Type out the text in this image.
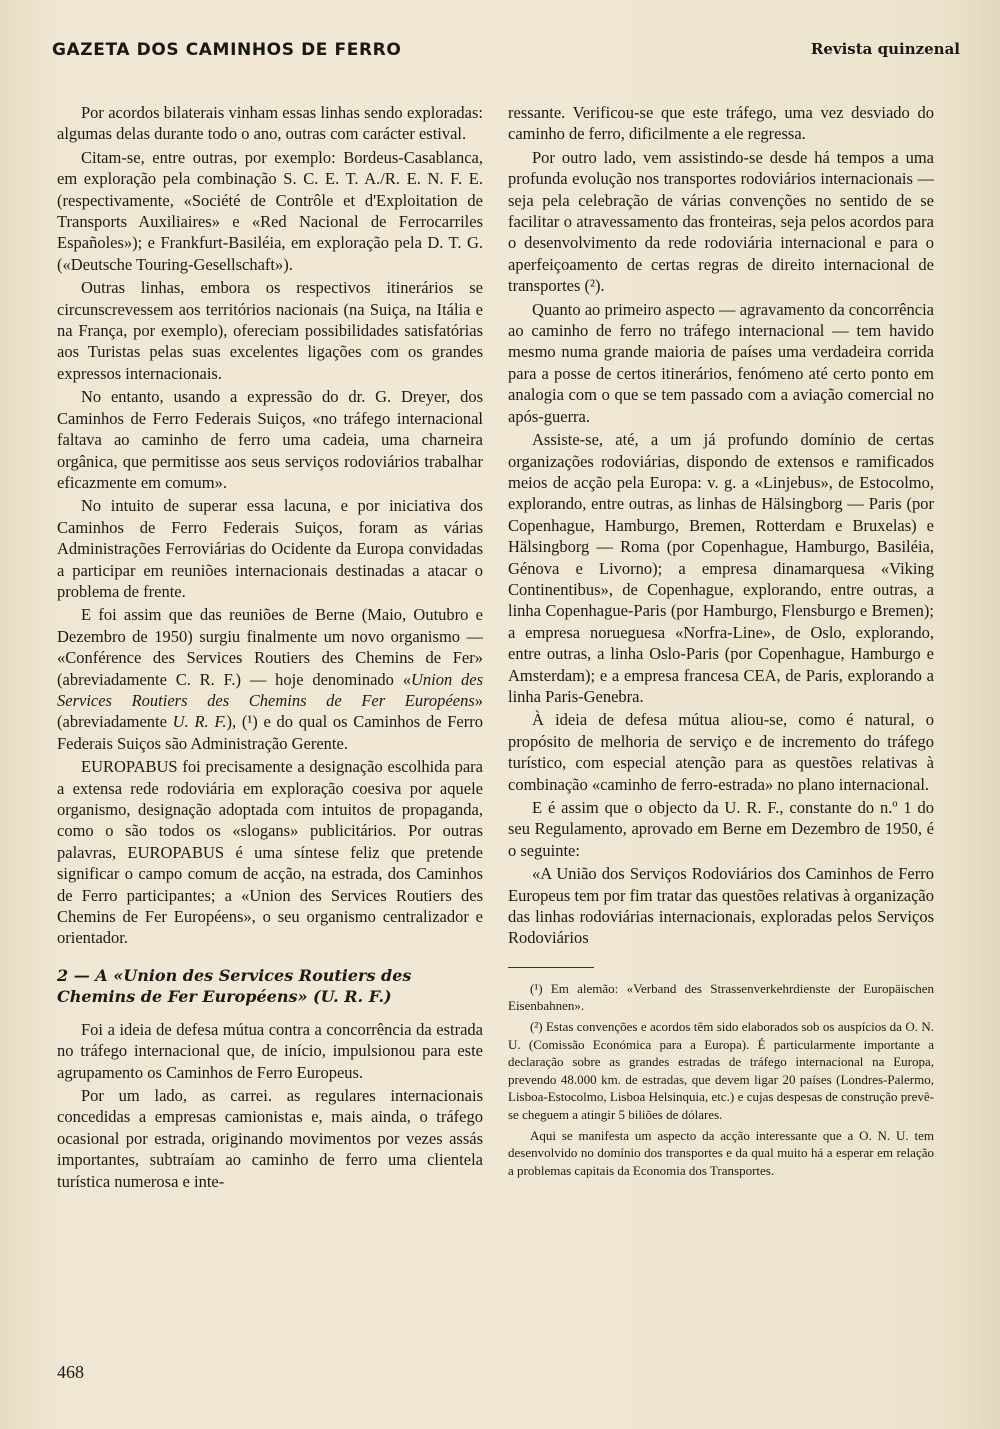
GAZETA DOS CAMINHOS DE FERRO	Revista quinzenal

Por acordos bilaterais vinham essas linhas sendo exploradas: algumas delas durante todo o ano, outras com carácter estival.

Citam-se, entre outras, por exemplo: Bordeus-Casablanca, em exploração pela combinação S. C. E. T. A./R. E. N. F. E. (respectivamente, «Société de Contrôle et d'Exploitation de Transports Auxiliaires» e «Red Nacional de Ferrocarriles Españoles»); e Frankfurt-Basiléia, em exploração pela D. T. G. («Deutsche Touring-Gesellschaft»).

Outras linhas, embora os respectivos itinerários se circunscrevessem aos territórios nacionais (na Suiça, na Itália e na França, por exemplo), ofereciam possibilidades satisfatórias aos Turistas pelas suas excelentes ligações com os grandes expressos internacionais.

No entanto, usando a expressão do dr. G. Dreyer, dos Caminhos de Ferro Federais Suiços, «no tráfego internacional faltava ao caminho de ferro uma cadeia, uma charneira orgânica, que permitisse aos seus serviços rodoviários trabalhar eficazmente em comum».

No intuito de superar essa lacuna, e por iniciativa dos Caminhos de Ferro Federais Suiços, foram as várias Administrações Ferroviárias do Ocidente da Europa convidadas a participar em reuniões internacionais destinadas a atacar o problema de frente.

E foi assim que das reuniões de Berne (Maio, Outubro e Dezembro de 1950) surgiu finalmente um novo organismo — «Conférence des Services Routiers des Chemins de Fer» (abreviadamente C. R. F.) — hoje denominado «Union des Services Routiers des Chemins de Fer Européens» (abreviadamente U. R. F.), (¹) e do qual os Caminhos de Ferro Federais Suiços são Administração Gerente.

EUROPABUS foi precisamente a designação escolhida para a extensa rede rodoviária em exploração coesiva por aquele organismo, designação adoptada com intuitos de propaganda, como o são todos os «slogans» publicitários. Por outras palavras, EUROPABUS é uma síntese feliz que pretende significar o campo comum de acção, na estrada, dos Caminhos de Ferro participantes; a «Union des Services Routiers des Chemins de Fer Européens», o seu organismo centralizador e orientador.

2 — A «Union des Services Routiers des Chemins de Fer Européens» (U. R. F.)

Foi a ideia de defesa mútua contra a concorrência da estrada no tráfego internacional que, de início, impulsionou para este agrupamento os Caminhos de Ferro Europeus.

Por um lado, as carrei. as regulares internacionais concedidas a empresas camionistas e, mais ainda, o tráfego ocasional por estrada, originando movimentos por vezes assás importantes, subtraíam ao caminho de ferro uma clientela turística numerosa e inte-

ressante. Verificou-se que este tráfego, uma vez desviado do caminho de ferro, dificilmente a ele regressa.

Por outro lado, vem assistindo-se desde há tempos a uma profunda evolução nos transportes rodoviários internacionais — seja pela celebração de várias convenções no sentido de se facilitar o atravessamento das fronteiras, seja pelos acordos para o desenvolvimento da rede rodoviária internacional e para o aperfeiçoamento de certas regras de direito internacional de transportes (²).

Quanto ao primeiro aspecto — agravamento da concorrência ao caminho de ferro no tráfego internacional — tem havido mesmo numa grande maioria de países uma verdadeira corrida para a posse de certos itinerários, fenómeno até certo ponto em analogia com o que se tem passado com a aviação comercial no após-guerra.

Assiste-se, até, a um já profundo domínio de certas organizações rodoviárias, dispondo de extensos e ramificados meios de acção pela Europa: v. g. a «Linjebus», de Estocolmo, explorando, entre outras, as linhas de Hälsingborg — Paris (por Copenhague, Hamburgo, Bremen, Rotterdam e Bruxelas) e Hälsingborg — Roma (por Copenhague, Hamburgo, Basiléia, Génova e Livorno); a empresa dinamarquesa «Viking Continentibus», de Copenhague, explorando, entre outras, a linha Copenhague-Paris (por Hamburgo, Flensburgo e Bremen); a empresa norueguesa «Norfra-Line», de Oslo, explorando, entre outras, a linha Oslo-Paris (por Copenhague, Hamburgo e Amsterdam); e a empresa francesa CEA, de Paris, explorando a linha Paris-Genebra.

À ideia de defesa mútua aliou-se, como é natural, o propósito de melhoria de serviço e de incremento do tráfego turístico, com especial atenção para as questões relativas à combinação «caminho de ferro-estrada» no plano internacional.

E é assim que o objecto da U. R. F., constante do n.º 1 do seu Regulamento, aprovado em Berne em Dezembro de 1950, é o seguinte:

«A União dos Serviços Rodoviários dos Caminhos de Ferro Europeus tem por fim tratar das questões relativas à organização das linhas rodoviárias internacionais, exploradas pelos Serviços Rodoviários

(¹) Em alemão: «Verband des Strassenverkehrdienste der Europäischen Eisenbahnen».

(²) Estas convenções e acordos têm sido elaborados sob os auspícios da O. N. U. (Comissão Económica para a Europa). É particularmente importante a declaração sobre as grandes estradas de tráfego internacional na Europa, prevendo 48.000 km. de estradas, que devem ligar 20 países (Londres-Palermo, Lisboa-Estocolmo, Lisboa Helsinquia, etc.) e cujas despesas de construção prevê-se cheguem a atingir 5 biliões de dólares.

Aqui se manifesta um aspecto da acção interessante que a O. N. U. tem desenvolvido no domínio dos transportes e da qual muito há a esperar em relação a problemas capitais da Economia dos Transportes.

468
